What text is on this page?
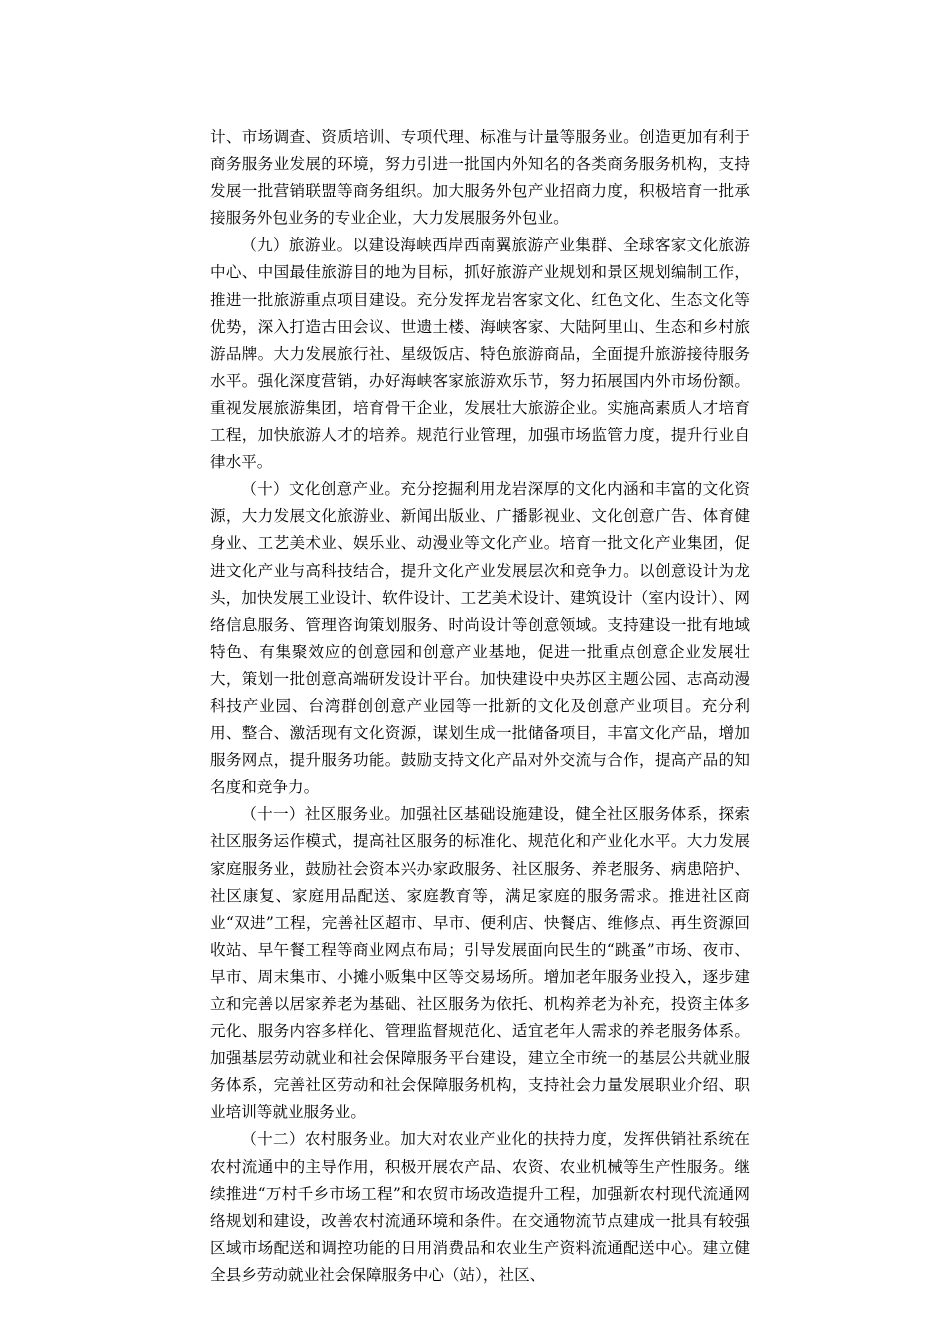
计、市场调查、资质培训、专项代理、标准与计量等服务业。创造更加有利于商务服务业发展的环境，努力引进一批国内外知名的各类商务服务机构，支持发展一批营销联盟等商务组织。加大服务外包产业招商力度，积极培育一批承接服务外包业务的专业企业，大力发展服务外包业。

（九）旅游业。以建设海峡西岸西南翼旅游产业集群、全球客家文化旅游中心、中国最佳旅游目的地为目标，抓好旅游产业规划和景区规划编制工作，推进一批旅游重点项目建设。充分发挥龙岩客家文化、红色文化、生态文化等优势，深入打造古田会议、世遗土楼、海峡客家、大陆阿里山、生态和乡村旅游品牌。大力发展旅行社、星级饭店、特色旅游商品，全面提升旅游接待服务水平。强化深度营销，办好海峡客家旅游欢乐节，努力拓展国内外市场份额。重视发展旅游集团，培育骨干企业，发展壮大旅游企业。实施高素质人才培育工程，加快旅游人才的培养。规范行业管理，加强市场监管力度，提升行业自律水平。

（十）文化创意产业。充分挖掘利用龙岩深厚的文化内涵和丰富的文化资源，大力发展文化旅游业、新闻出版业、广播影视业、文化创意广告、体育健身业、工艺美术业、娱乐业、动漫业等文化产业。培育一批文化产业集团，促进文化产业与高科技结合，提升文化产业发展层次和竞争力。以创意设计为龙头，加快发展工业设计、软件设计、工艺美术设计、建筑设计（室内设计）、网络信息服务、管理咨询策划服务、时尚设计等创意领域。支持建设一批有地域特色、有集聚效应的创意园和创意产业基地，促进一批重点创意企业发展壮大，策划一批创意高端研发设计平台。加快建设中央苏区主题公园、志高动漫科技产业园、台湾群创创意产业园等一批新的文化及创意产业项目。充分利用、整合、激活现有文化资源，谋划生成一批储备项目，丰富文化产品，增加服务网点，提升服务功能。鼓励支持文化产品对外交流与合作，提高产品的知名度和竞争力。

（十一）社区服务业。加强社区基础设施建设，健全社区服务体系，探索社区服务运作模式，提高社区服务的标准化、规范化和产业化水平。大力发展家庭服务业，鼓励社会资本兴办家政服务、社区服务、养老服务、病患陪护、社区康复、家庭用品配送、家庭教育等，满足家庭的服务需求。推进社区商业“双进”工程，完善社区超市、早市、便利店、快餐店、维修点、再生资源回收站、早午餐工程等商业网点布局；引导发展面向民生的“跳蚤”市场、夜市、早市、周末集市、小摊小贩集中区等交易场所。增加老年服务业投入，逐步建立和完善以居家养老为基础、社区服务为依托、机构养老为补充，投资主体多元化、服务内容多样化、管理监督规范化、适宜老年人需求的养老服务体系。加强基层劳动就业和社会保障服务平台建设，建立全市统一的基层公共就业服务体系，完善社区劳动和社会保障服务机构，支持社会力量发展职业介绍、职业培训等就业服务业。

（十二）农村服务业。加大对农业产业化的扶持力度，发挥供销社系统在农村流通中的主导作用，积极开展农产品、农资、农业机械等生产性服务。继续推进“万村千乡市场工程”和农贸市场改造提升工程，加强新农村现代流通网络规划和建设，改善农村流通环境和条件。在交通物流节点建成一批具有较强区域市场配送和调控功能的日用消费品和农业生产资料流通配送中心。建立健全县乡劳动就业社会保障服务中心（站），社区、
